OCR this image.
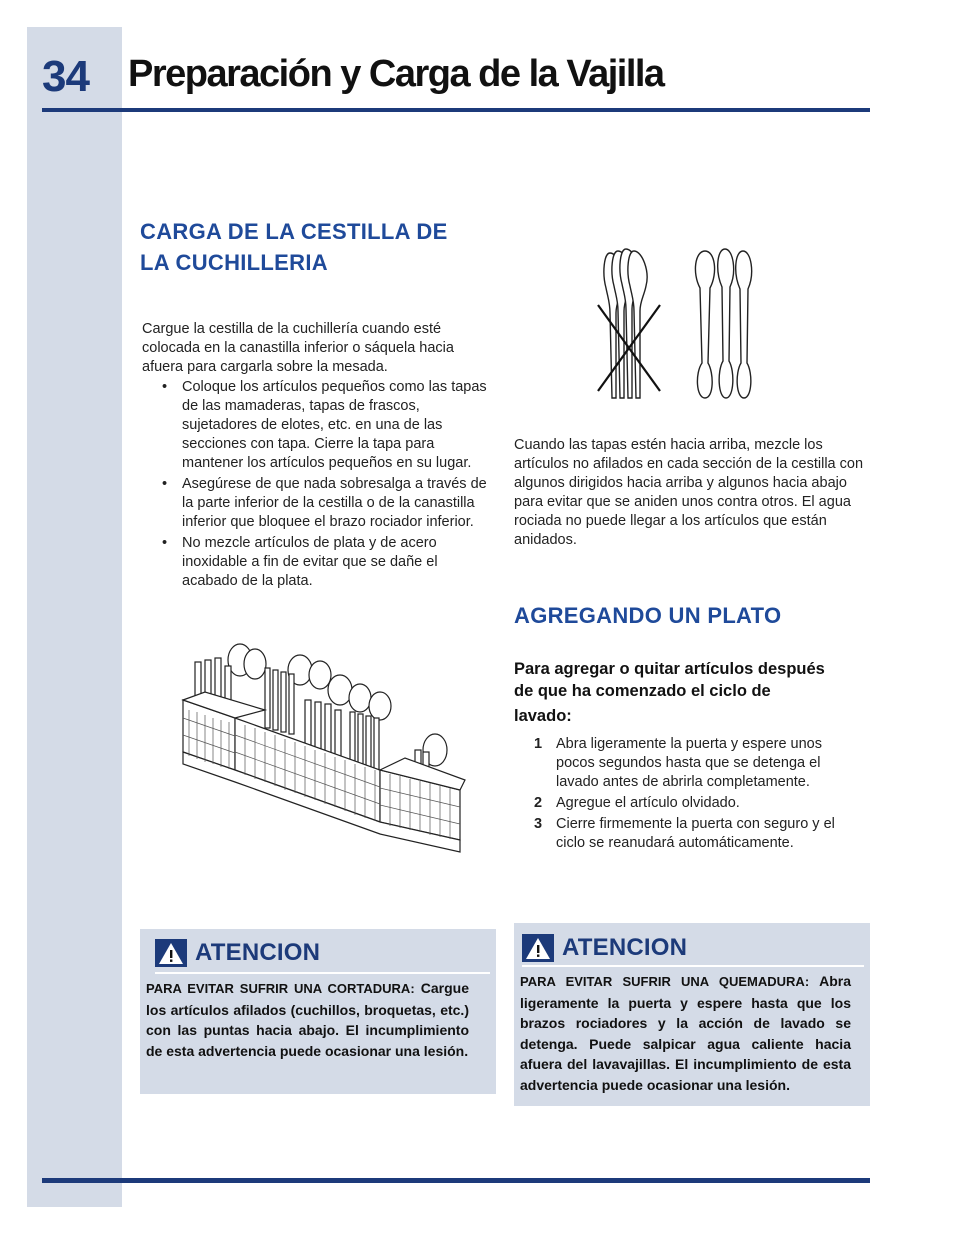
34 Preparación y Carga de la Vajilla
CARGA DE LA CESTILLA DE
LA CUCHILLERIA

Cargue la cestilla de la cuchillería cuando esté colocada en la canastilla inferior o sáquela hacia afuera para cargarla sobre la mesada.

• Coloque los artículos pequeños como las tapas de las mamaderas, tapas de frascos, sujetadores de elotes, etc. en una de las secciones con tapa. Cierre la tapa para mantener los artículos pequeños en su lugar.
• Asegúrese de que nada sobresalga a través de la parte inferior de la cestilla o de la canastilla inferior que bloquee el brazo rociador inferior.
• No mezcle artículos de plata y de acero inoxidable a fin de evitar que se dañe el acabado de la plata.

Cuando las tapas estén hacia arriba, mezcle los artículos no afilados en cada sección de la cestilla con algunos dirigidos hacia arriba y algunos hacia abajo para evitar que se aniden unos contra otros. El agua rociada no puede llegar a los artículos que están anidados.

AGREGANDO UN PLATO
Para agregar o quitar artículos después
de que ha comenzado el ciclo de
lavado:
1 Abra ligeramente la puerta y espere unos pocos segundos hasta que se detenga el lavado antes de abrirla completamente.
2 Agregue el artículo olvidado.
3 Cierre firmemente la puerta con seguro y el ciclo se reanudará automáticamente.
ATENCION

PARA EVITAR SUFRIR UNA CORTADURA: Cargue los artículos afilados (cuchillos, broquetas, etc.) con las puntas hacia abajo. El incumplimiento de esta advertencia puede ocasionar una lesión.

ATENCION

PARA EVITAR SUFRIR UNA QUEMADURA: Abra ligeramente la puerta y espere hasta que los brazos rociadores y la acción de lavado se detenga. Puede salpicar agua caliente hacia afuera del lavavajillas. El incumplimiento de esta advertencia puede ocasionar una lesión.
